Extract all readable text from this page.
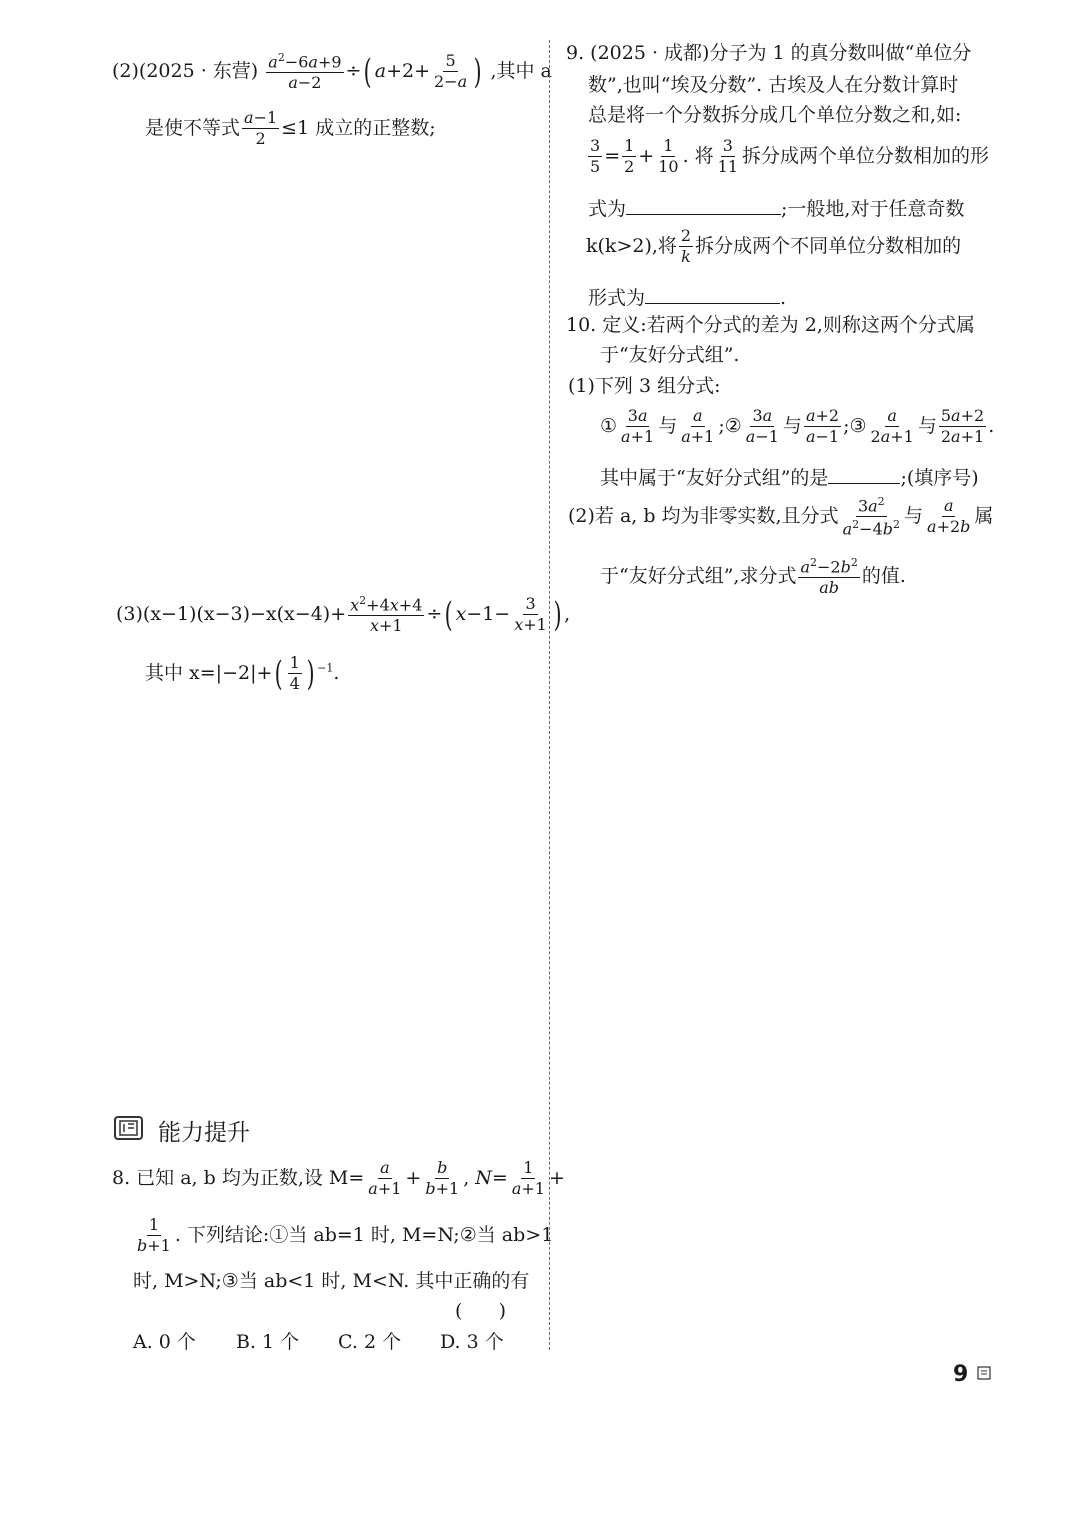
(2)(2025 · 东营) $\frac{a^2-6a+9}{a-2}$ ÷( $a+2+ \frac{5}{2-a}$ ) ,其中 a
是使不等式 $\frac{a-1}{2} \le 1$ 成立的正整数;
$(3)(x-1)(x-3)-x(x-4)+ \frac{x^2+4x+4}{x+1}$ ÷( $x-1- \frac{3}{x+1}$ ) ,
其中 $x=|-2|+( \frac{1}{4}$ ) $^{-1}$.
能力提升
8. 已知 a, b 均为正数,设 $M= \frac{a}{a+1} + \frac{b}{b+1}$ , $N= \frac{1}{a+1}$ +
$\frac{1}{b+1}$ . 下列结论:①当 ab=1 时, M=N;②当 ab>1
时, M>N;③当 ab<1 时, M<N. 其中正确的有
(      )
A. 0 个 B. 1 个 C. 2 个 D. 3 个
9. (2025 · 成都)分子为 1 的真分数叫做“单位分
数”,也叫“埃及分数”. 古埃及人在分数计算时
总是将一个分数拆分成几个单位分数之和,如:
$\frac{3}{5} = \frac{1}{2} + \frac{1}{10}$ . 将 $\frac{3}{11}$ 拆分成两个单位分数相加的形
式为	;一般地,对于任意奇数
k(k>2),将 $\frac{2}{k}$ 拆分成两个不同单位分数相加的
形式为	.
10. 定义:若两个分式的差为 2,则称这两个分式属
于“友好分式组”.
(1)下列 3 组分式:
① $\frac{3a}{a+1}$ 与 $\frac{a}{a+1}$ ;② $\frac{3a}{a-1}$ 与 $\frac{a+2}{a-1}$ ;③ $\frac{a}{2a+1}$ 与 $\frac{5a+2}{2a+1}$ .
其中属于“友好分式组”的是	;(填序号)
(2)若 a, b 均为非零实数,且分式 $\frac{3a^2}{a^2-4b^2}$ 与 $\frac{a}{a+2b}$ 属
于“友好分式组”,求分式 $\frac{a^2-2b^2}{ab}$ 的值.
9
